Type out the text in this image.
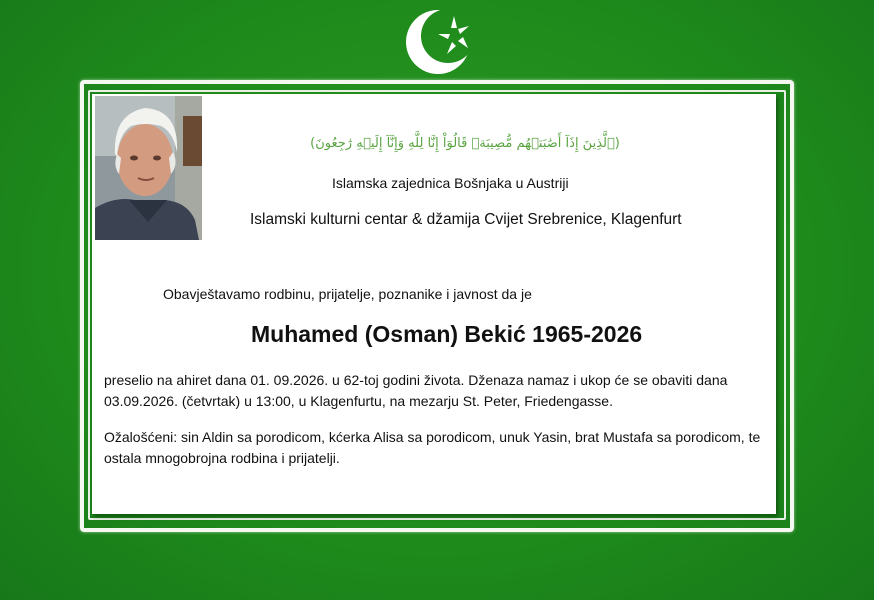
(ٱلَّذِينَ إِذَآ أَصَٰبَتۡهُم مُّصِيبَةٞ قَالُوٓاْ إِنَّا لِلَّهِ وَإِنَّآ إِلَيۡهِ رَٰجِعُونَ)
Islamska zajednica Bošnjaka u Austriji
Islamski kulturni centar & džamija Cvijet Srebrenice, Klagenfurt
Obavještavamo rodbinu, prijatelje, poznanike i javnost da je
Muhamed (Osman) Bekić 1965-2026
preselio na ahiret dana 01. 09.2026. u 62-toj godini života. Dženaza namaz i ukop će se obaviti dana 03.09.2026. (četvrtak) u 13:00, u Klagenfurtu, na mezarju St. Peter, Friedengasse.
Ožalošćeni: sin Aldin sa porodicom, kćerka Alisa sa porodicom, unuk Yasin, brat Mustafa sa porodicom, te ostala mnogobrojna rodbina i prijatelji.
